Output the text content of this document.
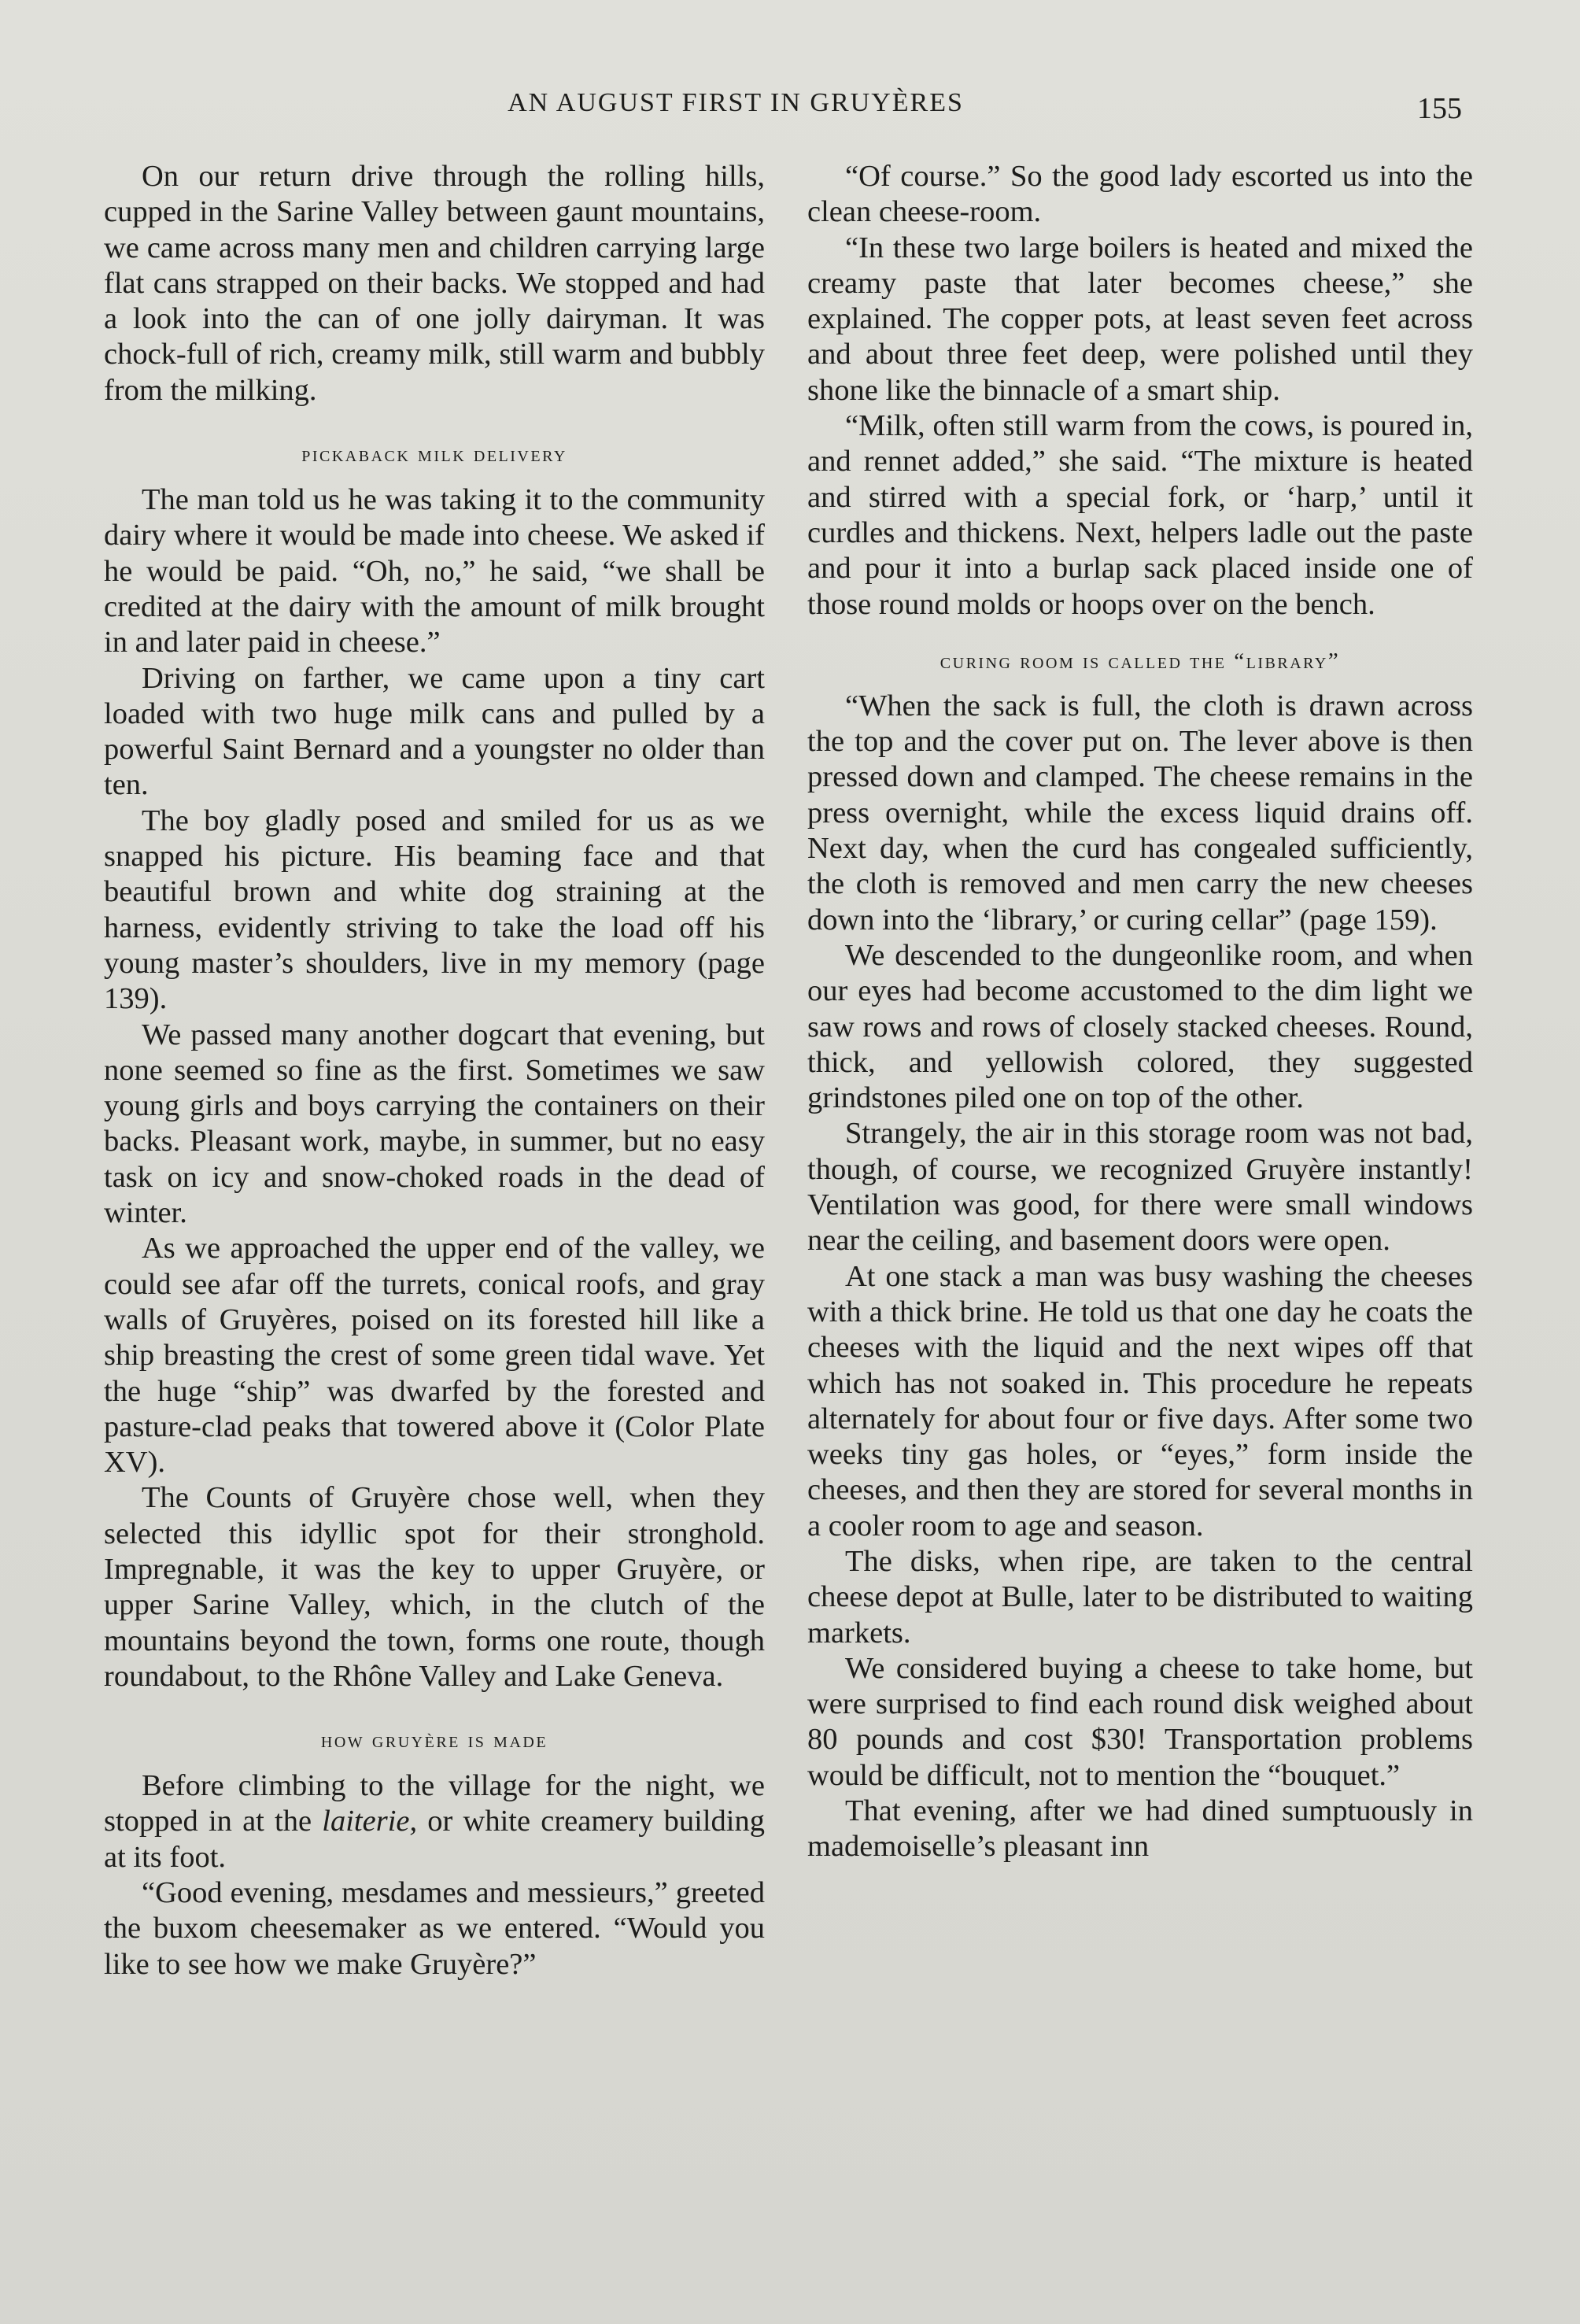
AN AUGUST FIRST IN GRUYÈRES	155

On our return drive through the rolling hills, cupped in the Sarine Valley between gaunt mountains, we came across many men and children carrying large flat cans strapped on their backs. We stopped and had a look into the can of one jolly dairyman. It was chock-full of rich, creamy milk, still warm and bubbly from the milking.

pickaback milk delivery

The man told us he was taking it to the community dairy where it would be made into cheese. We asked if he would be paid. “Oh, no,” he said, “we shall be credited at the dairy with the amount of milk brought in and later paid in cheese.”

Driving on farther, we came upon a tiny cart loaded with two huge milk cans and pulled by a powerful Saint Bernard and a youngster no older than ten.

The boy gladly posed and smiled for us as we snapped his picture. His beaming face and that beautiful brown and white dog straining at the harness, evidently striving to take the load off his young master’s shoulders, live in my memory (page 139).

We passed many another dogcart that evening, but none seemed so fine as the first. Sometimes we saw young girls and boys carrying the containers on their backs. Pleasant work, maybe, in summer, but no easy task on icy and snow-choked roads in the dead of winter.

As we approached the upper end of the valley, we could see afar off the turrets, conical roofs, and gray walls of Gruyères, poised on its forested hill like a ship breasting the crest of some green tidal wave. Yet the huge “ship” was dwarfed by the forested and pasture-clad peaks that towered above it (Color Plate XV).

The Counts of Gruyère chose well, when they selected this idyllic spot for their stronghold. Impregnable, it was the key to upper Gruyère, or upper Sarine Valley, which, in the clutch of the mountains beyond the town, forms one route, though roundabout, to the Rhône Valley and Lake Geneva.

how gruyère is made

Before climbing to the village for the night, we stopped in at the laiterie, or white creamery building at its foot.

“Good evening, mesdames and messieurs,” greeted the buxom cheesemaker as we entered. “Would you like to see how we make Gruyère?”

“Of course.” So the good lady escorted us into the clean cheese-room.

“In these two large boilers is heated and mixed the creamy paste that later becomes cheese,” she explained. The copper pots, at least seven feet across and about three feet deep, were polished until they shone like the binnacle of a smart ship.

“Milk, often still warm from the cows, is poured in, and rennet added,” she said. “The mixture is heated and stirred with a special fork, or ‘harp,’ until it curdles and thickens. Next, helpers ladle out the paste and pour it into a burlap sack placed inside one of those round molds or hoops over on the bench.

curing room is called the “library”

“When the sack is full, the cloth is drawn across the top and the cover put on. The lever above is then pressed down and clamped. The cheese remains in the press overnight, while the excess liquid drains off. Next day, when the curd has congealed sufficiently, the cloth is removed and men carry the new cheeses down into the ‘library,’ or curing cellar” (page 159).

We descended to the dungeonlike room, and when our eyes had become accustomed to the dim light we saw rows and rows of closely stacked cheeses. Round, thick, and yellowish colored, they suggested grindstones piled one on top of the other.

Strangely, the air in this storage room was not bad, though, of course, we recognized Gruyère instantly! Ventilation was good, for there were small windows near the ceiling, and basement doors were open.

At one stack a man was busy washing the cheeses with a thick brine. He told us that one day he coats the cheeses with the liquid and the next wipes off that which has not soaked in. This procedure he repeats alternately for about four or five days. After some two weeks tiny gas holes, or “eyes,” form inside the cheeses, and then they are stored for several months in a cooler room to age and season.

The disks, when ripe, are taken to the central cheese depot at Bulle, later to be distributed to waiting markets.

We considered buying a cheese to take home, but were surprised to find each round disk weighed about 80 pounds and cost $30! Transportation problems would be difficult, not to mention the “bouquet.”

That evening, after we had dined sumptuously in mademoiselle’s pleasant inn
